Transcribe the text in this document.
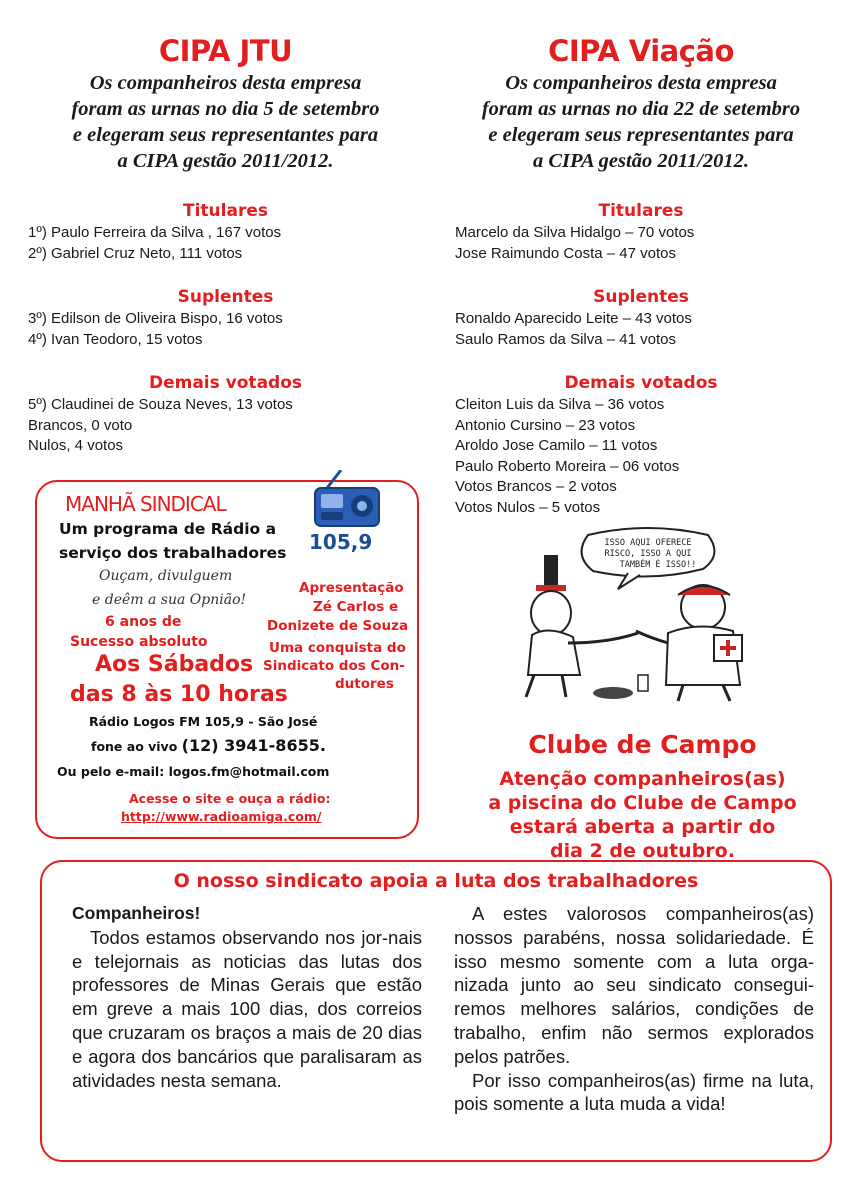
CIPA JTU
Os companheiros desta empresa
foram as urnas no dia 5 de setembro
e elegeram seus representantes para
a CIPA gestão 2011/2012.
Titulares
1º) Paulo Ferreira da Silva , 167 votos
2º) Gabriel Cruz Neto, 111 votos
Suplentes
3º) Edilson de Oliveira Bispo, 16 votos
4º) Ivan Teodoro, 15 votos
Demais votados
5º) Claudinei de Souza Neves, 13 votos
Brancos, 0 voto
Nulos, 4 votos
CIPA Viação
Os companheiros desta empresa
foram as urnas no dia 22 de setembro
e elegeram seus representantes para
a CIPA gestão 2011/2012.
Titulares
Marcelo da Silva Hidalgo – 70 votos
Jose Raimundo Costa – 47 votos
Suplentes
Ronaldo Aparecido Leite – 43 votos
Saulo Ramos da Silva – 41 votos
Demais votados
Cleiton Luis da Silva – 36 votos
Antonio Cursino – 23 votos
Aroldo Jose Camilo – 11 votos
Paulo Roberto Moreira – 06 votos
Votos Brancos – 2 votos
Votos Nulos – 5 votos
MANHÃ SINDICAL
Um programa de Rádio a
serviço dos trabalhadores
Ouçam, divulguem
e deêm a sua Opnião!
105,9
6 anos de
Sucesso absoluto
Apresentação
Zé Carlos e
Donizete de Souza
Uma conquista do
Sindicato dos Con-
dutores
Aos Sábados
das 8 às 10 horas
Rádio Logos FM 105,9 - São José
fone ao vivo (12) 3941-8655.
Ou pelo e-mail: logos.fm@hotmail.com
Acesse o site e ouça a rádio:
http://www.radioamiga.com/
ISSO AQUI OFERECE
RISCO, ISSO A QUI
TAMBÉM É ISSO!!
Clube de Campo
Atenção companheiros(as)
a piscina do Clube de Campo
estará aberta a partir do
dia 2 de outubro.
O nosso sindicato apoia a luta dos trabalhadores

Companheiros!

Todos estamos observando nos jor-nais e telejornais as noticias das lutas dos professores de Minas Gerais que estão em greve a mais 100 dias, dos correios que cruzaram os braços a mais de 20 dias e agora dos bancários que paralisaram as atividades nesta semana.

A estes valorosos companheiros(as) nossos parabéns, nossa solidariedade. É isso mesmo somente com a luta orga-nizada junto ao seu sindicato consegui-remos melhores salários, condições de trabalho, enfim não sermos explorados pelos patrões.

Por isso companheiros(as) firme na luta, pois somente a luta muda a vida!
